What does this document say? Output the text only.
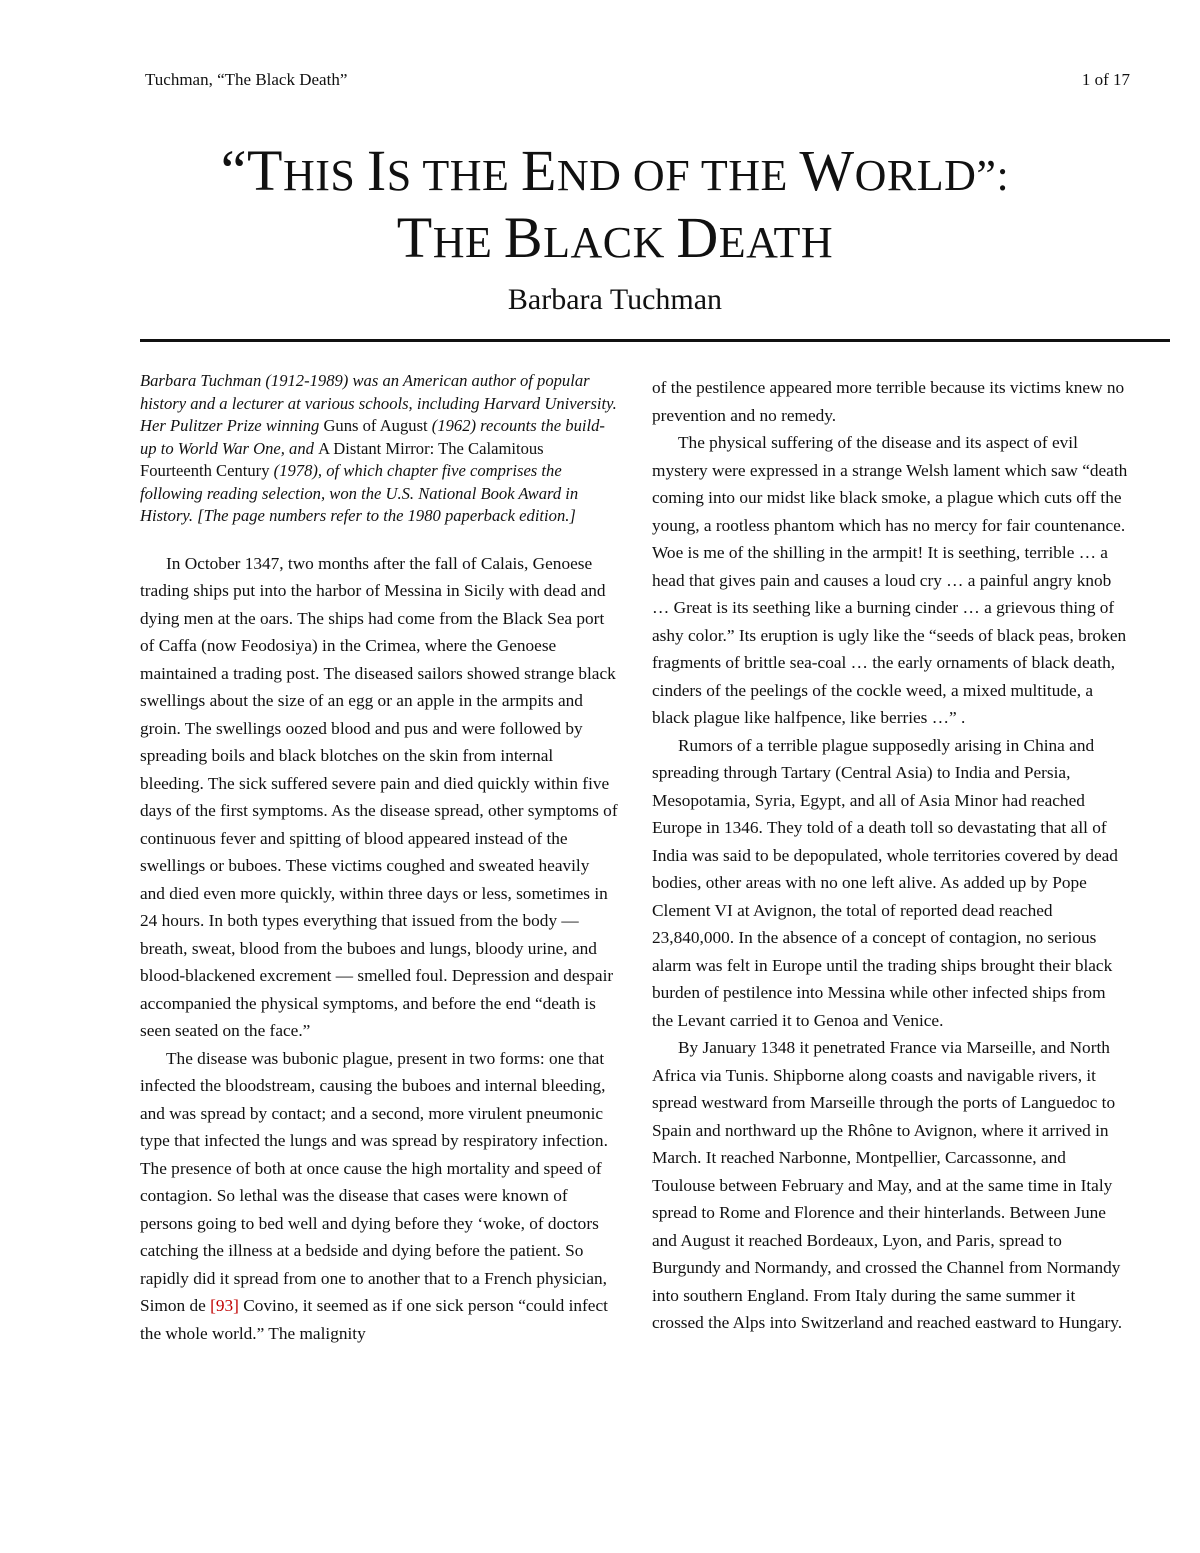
Tuchman, “The Black Death”	1 of 17
“THIS IS THE END OF THE WORLD”:
THE BLACK DEATH
Barbara Tuchman

Barbara Tuchman (1912-1989) was an American author of popular history and a lecturer at various schools, including Harvard University. Her Pulitzer Prize winning Guns of August (1962) recounts the build-up to World War One, and A Distant Mirror: The Calamitous Fourteenth Century (1978), of which chapter five comprises the following reading selection, won the U.S. National Book Award in History. [The page numbers refer to the 1980 paperback edition.]

In October 1347, two months after the fall of Calais, Genoese trading ships put into the harbor of Messina in Sicily with dead and dying men at the oars. The ships had come from the Black Sea port of Caffa (now Feodosiya) in the Crimea, where the Genoese maintained a trading post. The diseased sailors showed strange black swellings about the size of an egg or an apple in the armpits and groin. The swellings oozed blood and pus and were followed by spreading boils and black blotches on the skin from internal bleeding. The sick suffered severe pain and died quickly within five days of the first symptoms. As the disease spread, other symptoms of continuous fever and spitting of blood appeared instead of the swellings or buboes. These victims coughed and sweated heavily and died even more quickly, within three days or less, sometimes in 24 hours. In both types everything that issued from the body — breath, sweat, blood from the buboes and lungs, bloody urine, and blood-blackened excrement — smelled foul. Depression and despair accompanied the physical symptoms, and before the end “death is seen seated on the face.”

The disease was bubonic plague, present in two forms: one that infected the bloodstream, causing the buboes and internal bleeding, and was spread by contact; and a second, more virulent pneumonic type that infected the lungs and was spread by respiratory infection. The presence of both at once cause the high mortality and speed of contagion. So lethal was the disease that cases were known of persons going to bed well and dying before they ‘woke, of doctors catching the illness at a bedside and dying before the patient. So rapidly did it spread from one to another that to a French physician, Simon de [93] Covino, it seemed as if one sick person “could infect the whole world.” The malignity

of the pestilence appeared more terrible because its victims knew no prevention and no remedy.

The physical suffering of the disease and its aspect of evil mystery were expressed in a strange Welsh lament which saw “death coming into our midst like black smoke, a plague which cuts off the young, a rootless phantom which has no mercy for fair countenance. Woe is me of the shilling in the armpit! It is seething, terrible … a head that gives pain and causes a loud cry … a painful angry knob … Great is its seething like a burning cinder … a grievous thing of ashy color.” Its eruption is ugly like the “seeds of black peas, broken fragments of brittle sea-coal … the early ornaments of black death, cinders of the peelings of the cockle weed, a mixed multitude, a black plague like halfpence, like berries …” .

Rumors of a terrible plague supposedly arising in China and spreading through Tartary (Central Asia) to India and Persia, Mesopotamia, Syria, Egypt, and all of Asia Minor had reached Europe in 1346. They told of a death toll so devastating that all of India was said to be depopulated, whole territories covered by dead bodies, other areas with no one left alive. As added up by Pope Clement VI at Avignon, the total of reported dead reached 23,840,000. In the absence of a concept of contagion, no serious alarm was felt in Europe until the trading ships brought their black burden of pestilence into Messina while other infected ships from the Levant carried it to Genoa and Venice.

By January 1348 it penetrated France via Marseille, and North Africa via Tunis. Shipborne along coasts and navigable rivers, it spread westward from Marseille through the ports of Languedoc to Spain and northward up the Rhône to Avignon, where it arrived in March. It reached Narbonne, Montpellier, Carcassonne, and Toulouse between February and May, and at the same time in Italy spread to Rome and Florence and their hinterlands. Between June and August it reached Bordeaux, Lyon, and Paris, spread to Burgundy and Normandy, and crossed the Channel from Normandy into southern England. From Italy during the same summer it crossed the Alps into Switzerland and reached eastward to Hungary.
